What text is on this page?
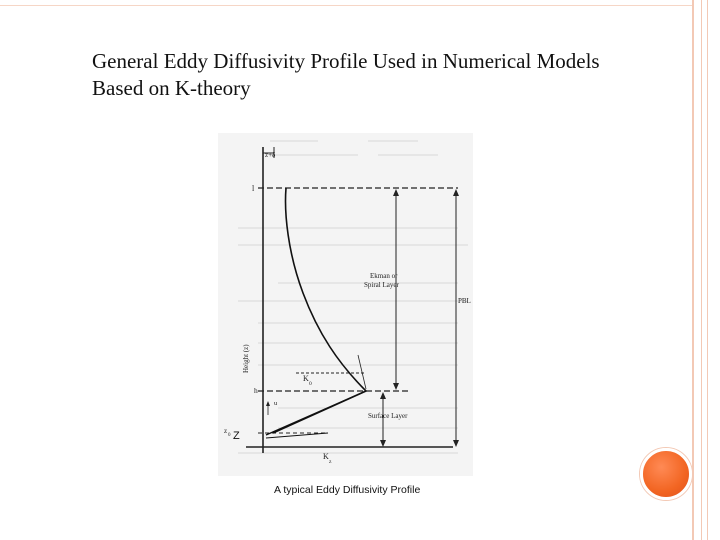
General Eddy Diffusivity Profile Used in Numerical Models
Based on K-theory
z+δ
l
Ekman or
Spiral Layer
PBL
Height (z)
K
0
h
u
Surface Layer
z
0 Z
K
z
A typical Eddy Diffusivity Profile
